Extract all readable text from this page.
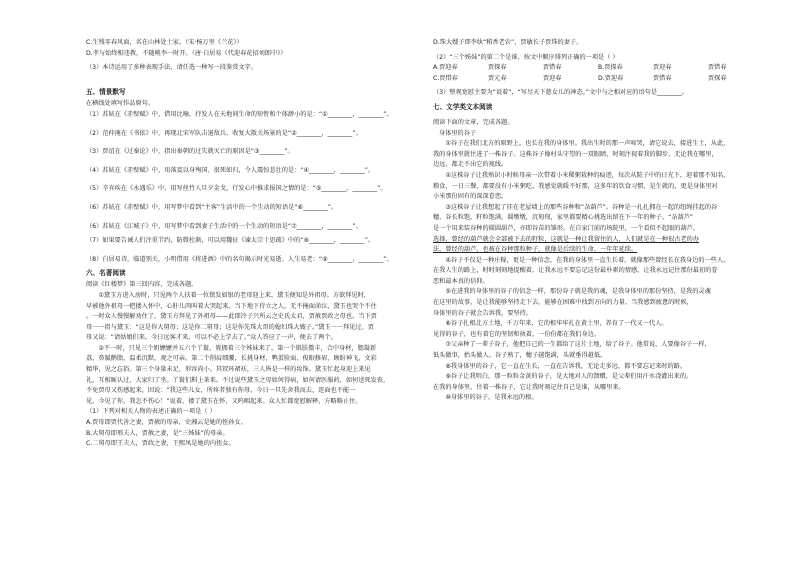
C.生残零春风面，名在山林处士家。（宋·杨万里《兰花》）
D.孝与始终相违教，不随桃李一时开。（唐·白居易《代迎春花招刘郎中》）
（3）本诗运用了多种表现手法，请任选一种写一段鉴赏文字。

五、情景默写
在横线处填写作品原句。
（1）苏轼在《赤壁赋》中，借用比喻，抒发人在天地间生命的短暂和个体渺小的是：“①________，________”。
（2）范仲淹在《书依》中，再现北宋军队击退敌兵、收复大散关场景的是“②________，________”。
（3）贾谊在《过秦论》中，指出秦朝的过失就灭亡的原因是“③________”。
（4）苏轼在《赤壁赋》中，用落寞以身殉国、很死如归，令人震惊悲壮的是：“④________，________”。
（5）辛弃疾在《永遇乐》中，用写丝竹人旦夕金戈，行发心中推求报国之情的是：“⑤________，________”。
（6）苏轼在《赤壁赋》中，用写梦中看到“主客”生活中的一个生动的短语是“⑥________”。
（6）苏轼在《江城子》中，用写梦中看到妻子生活中的一个生动的短语是“⑦________，________”。
（7）如果要告诫人们注重节约，防微杜渐，可以用魏征《谏太宗十思疏》中的“⑧________，________”。
（8）白居易诗，临道别关，小明借用《将进酒》中的名句揭示时光易逝、人生易老：“⑨________，________”。
六、名著阅读
阅读《红楼梦》第三回内容，完成各题。
　　①黛玉方进入房时，只见两个人扶着一位鬓发如银的老母迎上来，黛玉便知是外祖母。方欲拜见时，
早被他外祖母一把搂入怀中，心肝儿肉叫着大哭起来。当下地下侍立之人，无不掩面涕泣，黛玉也哭个不住
。一时众人慢慢解劝住了，黛玉方拜见了外祖母——此即冷子兴所云之史氏太君，贾赦贾政之母也。当下贾
母一一指与黛玉：“这是你大舅母；这是你二舅母；这是你先珠大哥的媳妇珠大嫂子。”黛玉一一拜见过。贾
母又说：“请姑娘们来。今日远客才来，可以不必上学去了。”众人答应了一声，便去了两个。
　　②不一时，只见三个奶嬷嬷并五六个丫鬟，簇拥着三个姊妹来了。第一个肌肤微丰，合中身材，腮凝新
荔，鼻腻鹅脂，温柔沉默，观之可亲。第二个削肩细腰，长挑身材，鸭蛋脸面，俊眼修眉，顾盼神飞，文彩
精华，见之忘俗。第三个身量未足，形容尚小。其钗环裙袄，三人皆是一样的妆饰。黛玉忙起身迎上来见
礼，互相厮认过，大家归了坐。丫鬟们斟上茶来。不过说些黛玉之母如何得病，如何请医服药，如何送死发丧。
不免贾母又伤感起来。因说：“我这些儿女，所疼者独有你母，今日一旦先舍我而去，连面也不能一
见，今见了你，我怎不伤心！”说着，搂了黛玉在怀，又呜咽起来。众人忙都宽慰解释，方略略止住。
（1）下列对相关人物的表述正确的一项是（ ）
A.贾母即贾代善之妻，贾赦的母亲，史湘云是她的侄孙女。
B.大舅母即邢夫人，贾赦之妻，是“三姊妹”的母亲。
C.二舅母即王夫人，贾政之妻，王熙凤是她的内侄女。
D.珠大嫂子即李纨“稻香老农”，贾敏长子贾珠的妻子。
（2）“三个姊妹”的第二个是谁，按文中顺序排列正确的一项是（ ）
A.贾迎春	贾探春	贾惜春	B.贾探春	贾迎春	贾惜春
C.贾惜春	贾元春	贾迎春	D.贾迎春	贾惜春	贾探春
（3）整观宽慰主要为“说着”，“写尽天下慈女儿的神态。”文中与之相对应的语句是________。
七、文学类文本阅读
阅读下面的文章，完成各题。
身体里的谷子
　　①谷子在我们北方的原野上，也长在我的身体里。我出生时的那一声啼哭，请它说去，接进生土，从此，
我的身体里就住进了一株谷子。这株谷子像村头守望的一双眼睛，时刻注视着我的脚步，无论我在哪里，
边远、都走不出它的视线。
　　②这株谷子让我熟识小时候母亲一次带着小米稀粥栽种的痕迹，每次从院子中的日光下，迎着那不知名，
粮食，一日三餐，都要没有小米粥吃，我感觉就暖不好那，这多年的饮食习惯，是生就的，更是身体里对
小米那份固有的深深眷恋。
　　③这株谷子让我想起了挂在老屋墙上的那些谷种和“杂葫芦”。谷种是一扎扎拥在一起的纽绳挂起的谷
穗，谷长粒饱，籽粒饱满，圆墩墩，沉甸甸，家里都要精心挑选出留在下一年的种子。“杂葫芦”
是一个用来装谷种的圆圆葫芦，亦即谷苗的雏形。在自家门前的场院里，一个看似不起眼的葫芦，
选择，曾经的葫芦就会全部被下去的籽粒，这就是一种让我留住的人，人们就是在一种很古老的办
法，曾经的葫芦、也被在谷种那粒种子，就像是后续的生命，一年年延续。
　　④谷子不仅是一种庄稼，更是一种信念，在我的身体里一直生长着，就像那些曾经长在我身边的一些人，
在我人生的路上，时时刻刻地提醒着，让我永远不要忘记这份最朴素的情感，让我永远记住那份最初的眷
恋和最本真的信仰。
　　⑤在进我的身体里的谷子的信念一样，那份谷子就是我的魂，是我身体里的那份坚持，是我的灵魂
在这里的故事，是让我能够坚持走下去，能够在困难中找到方向的力量。当我感到疲惫的时候，
身体里的谷子就会告诉我，要坚持。
　　⑥谷子扎根北方土地，千万年来，它的根牢牢扎在黄土里，养育了一代又一代人。
见得的谷子，也有着它的坚韧和执着，一份份都在我们身边。
　　⑦父亲种了一辈子谷子，他把自己的一生都给了这片土地，给了谷子。他常说，人要像谷子一样，
低头做事，抬头做人。谷子熟了，穗子越饱满，头就垂得越低。
　　⑧我身体里的谷子，它一直在生长，一直在告诉我，无论走多远，都不要忘记来时的路。
　　⑨谷子让我明白，那一粒粒金黄的谷子，是大地对人的馈赠，是父辈们用汗水浇灌出来的。
在我的身体里，住着一株谷子，它让我时刻记住自己是谁，从哪里来。
　　⑩身体里的谷子，是我永远的根。
